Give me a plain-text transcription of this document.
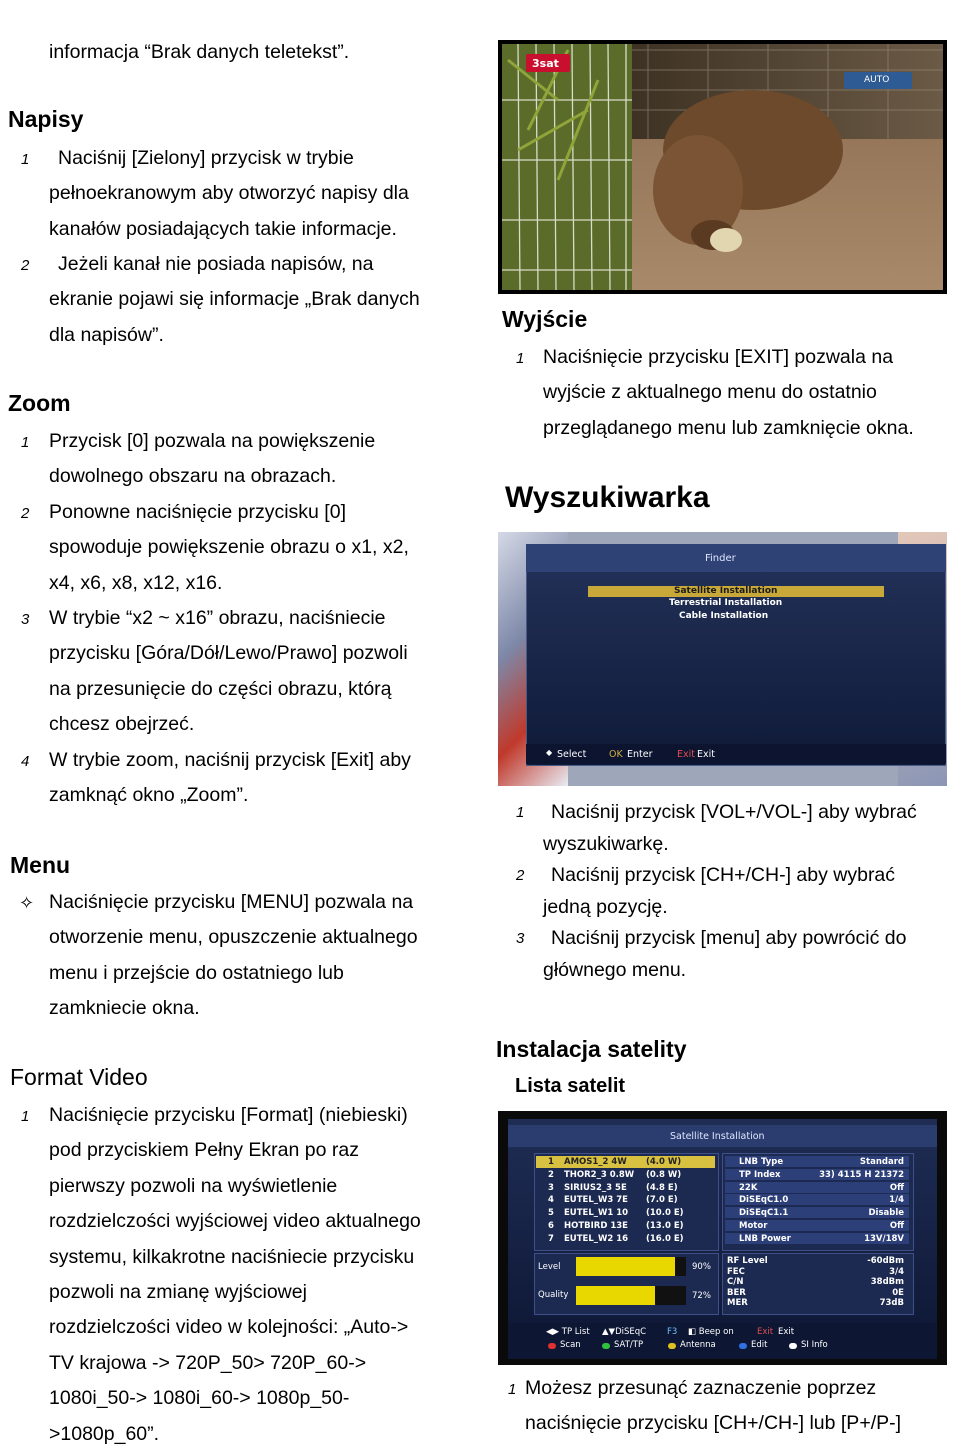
informacja “Brak danych teletekst”.
Napisy
1	Naciśnij [Zielony] przycisk w trybie
pełnoekranowym aby otworzyć napisy dla
kanałów posiadających takie informacje.
2	Jeżeli kanał nie posiada napisów, na
ekranie pojawi się informacje „Brak danych
dla napisów”.
Zoom
1 Przycisk [0] pozwala na powiększenie
dowolnego obszaru na obrazach.
2 Ponowne naciśnięcie przycisku [0]
spowoduje powiększenie obrazu o x1, x2,
x4, x6, x8, x12, x16.
3 W trybie “x2 ~ x16” obrazu, naciśniecie
przycisku [Góra/Dół/Lewo/Prawo] pozwoli
na przesunięcie do części obrazu, którą
chcesz obejrzeć.
4 W trybie zoom, naciśnij przycisk [Exit] aby
zamknąć okno „Zoom”.
Menu
✧ Naciśnięcie przycisku [MENU] pozwala na
otworzenie menu, opuszczenie aktualnego
menu i przejście do ostatniego lub
zamkniecie okna.
Format Video
1 Naciśnięcie przycisku [Format] (niebieski)
pod przyciskiem Pełny Ekran po raz
pierwszy pozwoli na wyświetlenie
rozdzielczości wyjściowej video aktualnego
systemu, kilkakrotne naciśniecie przycisku
pozwoli na zmianę wyjściowej
rozdzielczości video w kolejności: „Auto->
TV krajowa -> 720P_50> 720P_60->
1080i_50-> 1080i_60-> 1080p_50-
>1080p_60”.
3sat
AUTO
Wyjście
1 Naciśnięcie przycisku [EXIT] pozwala na
wyjście z aktualnego menu do ostatnio
przeglądanego menu lub zamknięcie okna.
Wyszukiwarka
Finder
Satellite Installation
Terrestrial Installation
Cable Installation
◆ Select OK Enter	Exit Exit
1	Naciśnij przycisk [VOL+/VOL-] aby wybrać
wyszukiwarkę.
2	Naciśnij przycisk [CH+/CH-] aby wybrać
jedną pozycję.
3	Naciśnij przycisk [menu] aby powrócić do
głównego menu.
Instalacja satelity
Lista satelit
Satellite Installation
1 AMOS1_2 4W (4.0 W)
2 THOR2_3 0.8W (0.8 W)
3 SIRIUS2_3 5E (4.8 E)
4 EUTEL_W3 7E (7.0 E)
5 EUTEL_W1 10 (10.0 E)
6 HOTBIRD 13E (13.0 E)
7 EUTEL_W2 16 (16.0 E)
LNB Type	Standard
TP Index	33) 4115 H 21372
22K	Off
DiSEqC1.0	1/4
DiSEqC1.1	Disable
Motor	Off
LNB Power	13V/18V
Level	90%
Quality	72%
RF Level	-60dBm
FEC	3/4
C/N	38dBm
BER	0E
MER	73dB
◀▶ TP List ▲▼DiSEqC F3 ◧ Beep on	Exit Exit
Scan	SAT/TP	Antenna	Edit	SI Info
1 Możesz przesunąć zaznaczenie poprzez
naciśnięcie przycisku [CH+/CH-] lub [P+/P-]
